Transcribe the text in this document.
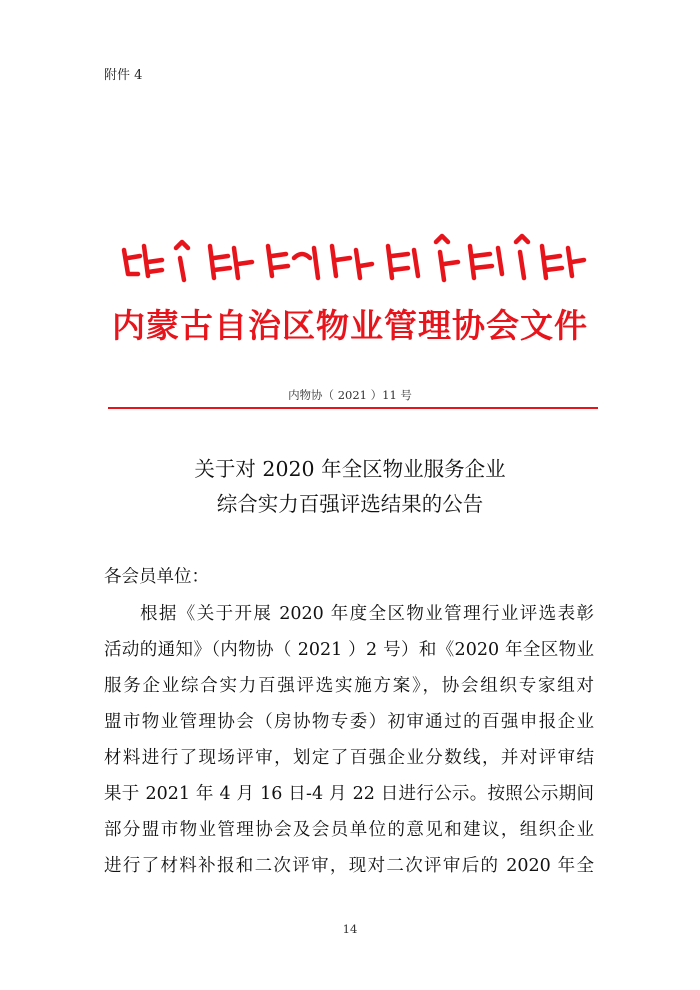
附件 4
内蒙古自治区物业管理协会文件
内物协（ 2021 ）11 号
关于对 2020 年全区物业服务企业
综合实力百强评选结果的公告
各会员单位：
根据《关于开展 2020 年度全区物业管理行业评选表彰
活动的通知》（内物协（ 2021 ）2 号）和《2020 年全区物业
服务企业综合实力百强评选实施方案》，协会组织专家组对
盟市物业管理协会（房协物专委）初审通过的百强申报企业
材料进行了现场评审，划定了百强企业分数线，并对评审结
果于 2021 年 4 月 16 日-4 月 22 日进行公示。按照公示期间
部分盟市物业管理协会及会员单位的意见和建议，组织企业
进行了材料补报和二次评审，现对二次评审后的 2020 年全
14
